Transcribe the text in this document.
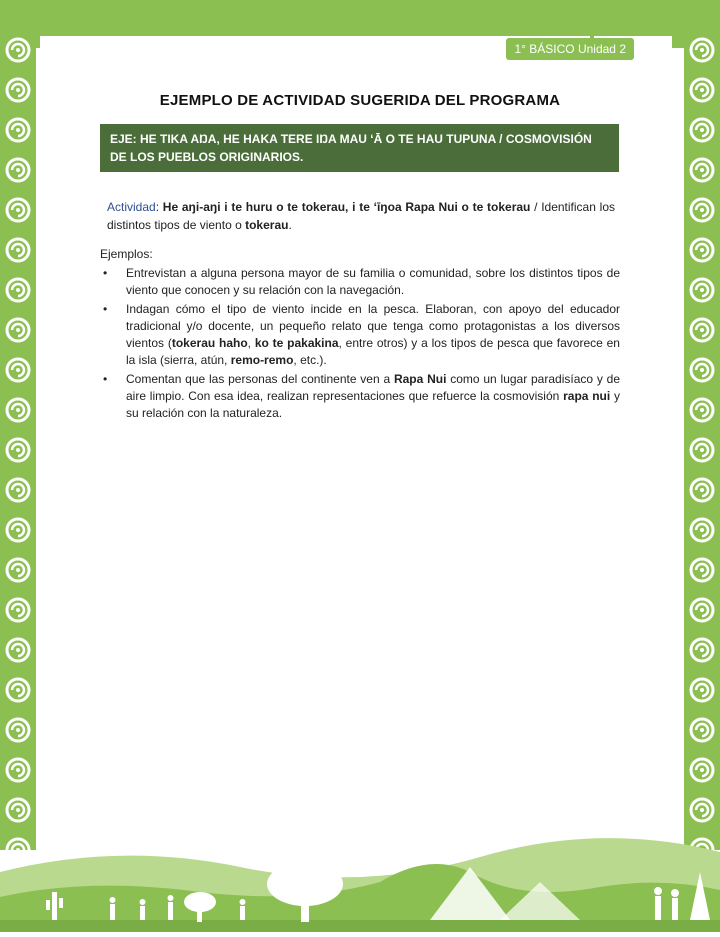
1° BÁSICO Unidad 2
EJEMPLO DE ACTIVIDAD SUGERIDA DEL PROGRAMA
EJE: HE TIKA AŊA, HE HAKA TERE IŊA MAU ʻĀ O TE HAU TUPUNA / COSMOVISIÓN DE LOS PUEBLOS ORIGINARIOS.
Actividad: He aŋi-aŋi i te huru o te tokerau, i te ʻīŋoa Rapa Nui o te tokerau / Identifican los distintos tipos de viento o tokerau.
Ejemplos:
• Entrevistan a alguna persona mayor de su familia o comunidad, sobre los distintos tipos de viento que conocen y su relación con la navegación.
• Indagan cómo el tipo de viento incide en la pesca. Elaboran, con apoyo del educador tradicional y/o docente, un pequeño relato que tenga como protagonistas a los diversos vientos (tokerau haho, ko te pakakina, entre otros) y a los tipos de pesca que favorece en la isla (sierra, atún, remo-remo, etc.).
• Comentan que las personas del continente ven a Rapa Nui como un lugar paradisíaco y de aire limpio. Con esa idea, realizan representaciones que refuerce la cosmovisión rapa nui y su relación con la naturaleza.
